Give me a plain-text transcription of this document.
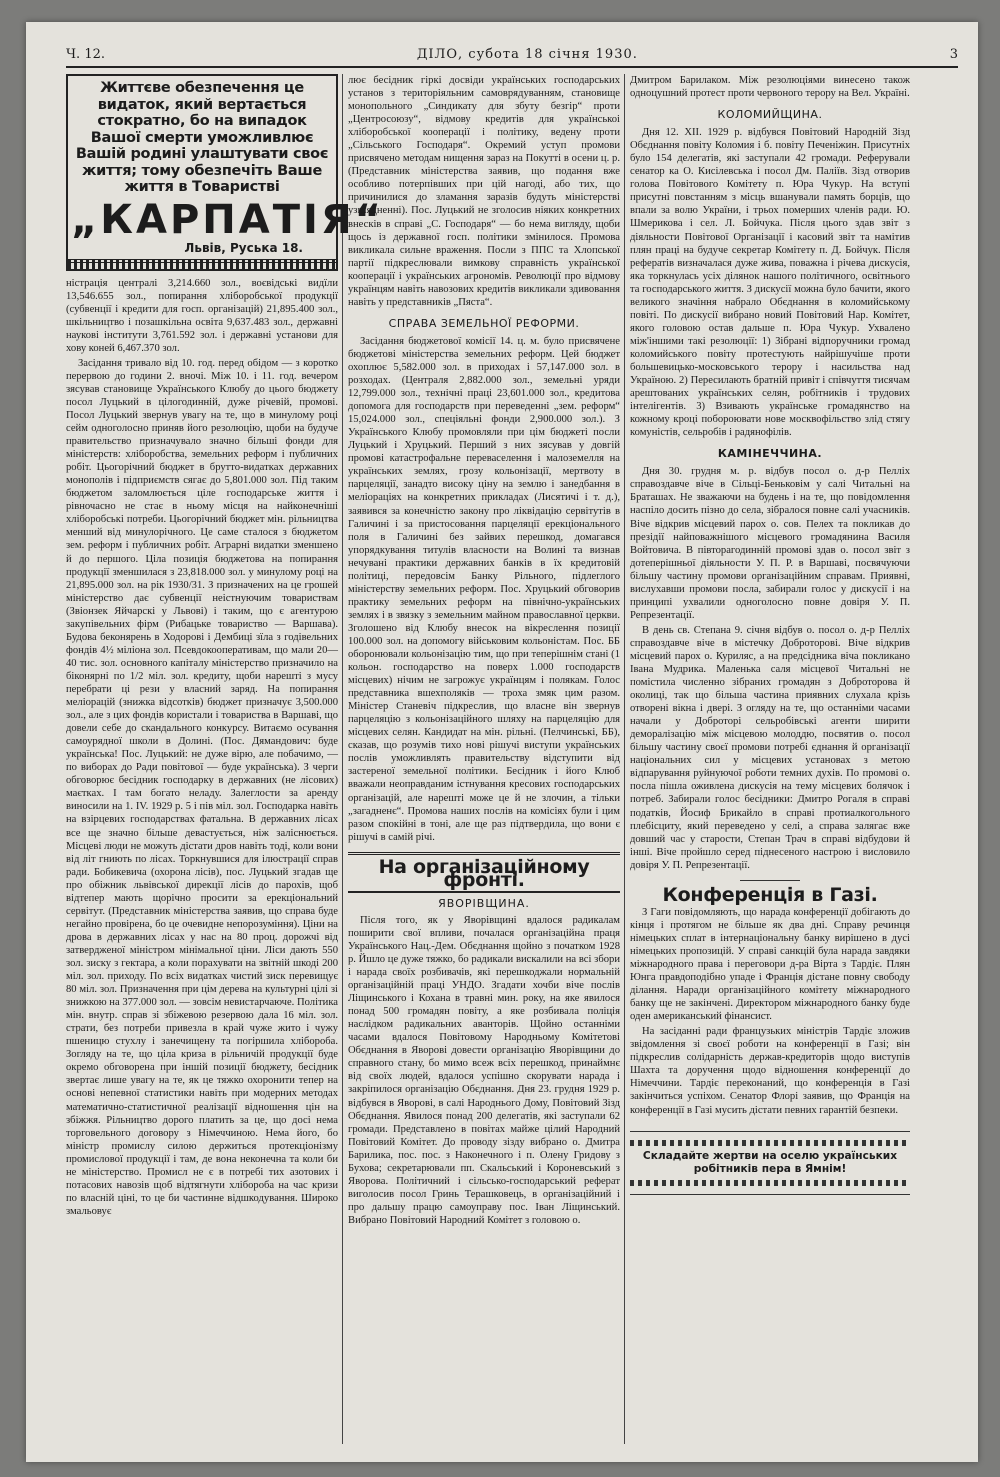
Ч. 12.	ДІЛО, субота 18 січня 1930.	3
Життєве обезпечення це видаток, який вертається стократно, бо на випадок Вашої смерти уможливлює Вашій родині улаштувати своє життя; тому обезпечіть Ваше життя в Товаристві
„КАРПАТІЯ“
Львів, Руська 18.

ністрація централі 3,214.660 зол., воєвідські видїли 13,546.655 зол., попирання хліборобської продукції (субвенції і кредити для госп. організацій) 21,895.400 зол., шкільництво і позашкільна освіта 9,637.483 зол., державні наукові інститути 3,761.592 зол. і державні установи для хову коней 6,467.370 зол.

Засідання тривало від 10. год. перед обідом — з коротко перервою до години 2. вночі. Між 10. і 11. год. вечером зясував становище Українського Клюбу до цього бюджету посол Луцький в цілогодинній, дуже річевій, промові. Посол Луцький звернув увагу на те, що в минулому році сейм одноголосно приняв його резолюцію, щоби на будуче правительство призначувало значно більші фонди для міністерств: хліборобства, земельних реформ і публичних робіт. Цьогорічний бюджет в брутто-видатках державних монополів і підприємств сягає до 5,801.000 зол. Під таким бюджетом заломлюється ціле господарське життя і рівночасно не стає в ньому місця на найконечніші хліборобські потреби. Цьогорічний бюджет мін. рільництва менший від минулорічного. Це саме сталося з бюджетом зем. реформ і публичних робіт. Аграрні видатки зменшено й до першого. Ціла позиція бюджетова на попирання продукції зменшилася з 23,818.000 зол. у минулому році на 21,895.000 зол. на рік 1930/31. З призначених на це грошей міністерство дає субвенції неістнуючим товариствам (Звіонзек Яйчарскі у Львові) і таким, що є агентурою закупівельних фірм (Рибацьке товариство — Варшава). Будова беконярень в Ходорові і Дембиці зїла з годівельних фондів 4½ міліона зол. Псевдокооперативам, що мали 20—40 тис. зол. основного капіталу міністерство призначило на біконярні по 1/2 міл. зол. кредиту, щоби нарешті з мусу перебрати ці рези у власний заряд. На попирання меліорацій (знижка відсотків) бюджет призначує 3,500.000 зол., але з цих фондів користали і товариства в Варшаві, що довели себе до скандального конкурсу. Витаємо осування самоурядної школи в Долині. (Пос. Дямандович: буде українська! Пос. Луцький: не дуже вірю, але побачимо, — по виборах до Ради повітової — буде українська). З черги обговорює бесідник господарку в державних (не лісових) маєтках. І там богато неладу. Залеглости за аренду виносили на 1. IV. 1929 р. 5 і пів міл. зол. Господарка навіть на взірцевих господарствах фатальна. В державних лісах все ще значно більше девастується, ніж заліснюється. Місцеві люди не можуть дістати дров навіть тоді, коли вони від літ гниють по лісах. Торкнувшися для ілюстрації справ ради. Бобикевича (охорона лісів), пос. Луцький згадав ще про обіжник львівської дирекції лісів до парохів, щоб відтепер мають щорічно просити за ерекціональний сервітут. (Представник міністерства заявив, що справа буде негайно провірена, бо це очевидне непорозуміння). Ціни на дрова в державних лісах у нас на 80 проц. дорожчі від затвердженої міністром мінімальної ціни. Ліси дають 550 зол. зиску з гектара, а коли порахувати на звітній шкоді 200 міл. зол. приходу. По всіх видатках чистий зиск перевищує 80 міл. зол. Призначення при цім дерева на культурні цілі зі знижкою на 377.000 зол. — зовсім невистарчаюче. Політика мін. внутр. справ зі збіжевою резервою дала 16 міл. зол. страти, без потреби привезла в край чуже жито і чужу пшеницю стухлу і занечищену та погіршила хлібороба. Зогляду на те, що ціла криза в рільничій продукції буде окремо обговорена при іншій позиції бюджету, бесідник звертає лише увагу на те, як це тяжко охоронити тепер на основі непевної статистики навіть при модерних методах математично-статистичної реалізації відношення цін на збіжжя. Рільництво дорого платить за це, що досі нема торговельного договору з Німеччиною. Нема його, бо міністр промислу силою держиться протекціонізму промислової продукції і там, де вона неконечна та коли би не міністерство. Промисл не є в потребі тих азотових і потасових навозів щоб відтягнути хлібороба на час кризи по власній ціні, то це би частинне відшкодування. Широко змальовує

лює бесідник гіркі досвіди українських господарських установ з територіяльним самоврядуванням, становище монопольного „Синдикату для збуту безгір“ проти „Центросоюзу“, відмову кредитів для українськоі хліборобської кооперації і політику, ведену проти „Сільського Господаря“. Окремий уступ промови присвячено методам нищення зараз на Покутті в осени ц. р. (Представник міністерства заявив, що подання вже особливо потерпівших при цій нагоді, або тих, що причинилися до зламання заразів будуть міністерстві узглядненні). Пос. Луцький не зголосив ніяких конкретних внесків в справі „С. Господаря“ — бо нема вигляду, щоби щось із державної госп. політики змінилося. Промова викликала сильне враження. Посли з ППС та Хлопської партії підкреслювали вимкову справність української кооперації і українських агрономів. Революції про відмову українцям навіть навозових кредитів викликали здивовання навіть у представників „Пяста“.

СПРАВА ЗЕМЕЛЬНОЇ РЕФОРМИ.

Засідання бюджетової комісії 14. ц. м. було присвячене бюджетові міністерства земельних реформ. Цей бюджет охоплює 5,582.000 зол. в приходах і 57,147.000 зол. в розходах. (Централя 2,882.000 зол., земельні уряди 12,799.000 зол., технічні праці 23,601.000 зол., кредитова допомога для господарств при переведенні „зем. реформ“ 15,024.000 зол., спеціяльні фонди 2,900.000 зол.). З Українського Клюбу промовляли при цім бюджеті посли Луцький і Хруцький. Перший з них зясував у довгій промові катастрофальне переваселення і малоземелля на українських землях, грозу кольонізації, мертвоту в парцеляції, занадто високу ціну на землю і занедбання в меліораціях на конкретних прикладах (Лисятичі і т. д.), заявився за конечністю закону про ліквідацію сервітутів в Галичині і за пристосовання парцеляції ерекціонального поля в Галичині без зайвих перешкод, домагався упорядкування титулів власности на Волині та визнав нечувані практики державних банків в їх кредитовій політиці, передовсім Банку Рільного, підлеглого міністерству земельних реформ. Пос. Хруцький обговорив практику земельних реформ на північно-українських землях і в звязку з земельним майном православної церкви. Зголошено від Клюбу внесок на вікреслення позиції 100.000 зол. на допомогу військовим кольоністам. Пос. ББ оборонювали кольонізацію тим, що при теперішнім стані (1 кольон. господарство на поверх 1.000 господарств місцевих) нічим не загрожує українцям і полякам. Голос представника вшехполяків — троха змяк цим разом. Міністер Станевіч підкреслив, що власне він звернув парцеляцію з кольонізаційного шляху на парцеляцію для місцевих селян. Кандидат на мін. рільні. (Пелчинські, ББ), сказав, що розумів тихо нові рішучі виступи українських послів уможливлять правительству відступити від застереної земельної політики. Бесідник і його Клюб вважали неоправданим істнування кресових господарських організацій, але нарешті може це й не злочин, а тільки „загадненє“. Промова наших послів на комісіях були і цим разом спокійні в тоні, але ще раз підтвердила, що вони є рішучі в самій річі.

На організаційному фронті.
ЯВОРІВЩИНА.

Після того, як у Яворівщині вдалося радикалам поширити свої впливи, почалася організаційна праця Українського Нац.-Дем. Обєднання щойно з початком 1928 р. Йшло це дуже тяжко, бо радикали вискалили на всі збори і нарада своїх розбивачів, які перешкоджали нормальній організаційній праці УНДО. Згадати хочби віче послів Ліщинського і Кохана в травні мин. року, на яке явилося понад 500 громадян повіту, а яке розбивала поліція наслідком радикальних аванторів. Щойно останніми часами вдалося Повітовому Народньому Комітетові Обєднання в Яворові довести організацію Яворівщини до справного стану, бо мимо всеж всіх перешкод, принаймнє від своїх людей, вдалося успішно скорувати нарада і закріпилося організацію Обєднання. Дня 23. грудня 1929 р. відбувся в Яворові, в салі Народнього Дому, Повітовий Зізд Обєднання. Явилося понад 200 делегатів, які заступали 62 громади. Представлено в повітах майже цілий Народний Повітовий Комітет. До проводу зізду вибрано о. Дмитра Барилика, пос. пос. з Наконечного і п. Олену Гридову з Бухова; секретарювали пп. Скальський і Короневський з Яворова. Політичний і сільсько-господарський реферат виголосив посол Гринь Терашковець, в організаційний і про дальшу працю самоуправу пос. Іван Ліщинський. Вибрано Повітовий Народний Комітет з головою о.

Дмитром Барилаком. Між резолюціями винесено також одноцушний протест проти червоного терору на Вел. Україні.

КОЛОМИЙЩИНА.

Дня 12. XII. 1929 р. відбувся Повітовий Народній Зізд Обєднання повіту Коломия і б. повіту Печеніжин. Присутніх було 154 делегатів, які заступали 42 громади. Реферували сенатор ка О. Кисілевська і посол Дм. Паліїв. Зізд отворив голова Повітового Комітету п. Юра Чукур. На вступі присутні повстанням з місць вшанували память борців, що впали за волю України, і трьох померших членів ради. Ю. Шмерикова і сел. Л. Бойчука. Після цього здав звіт з діяльности Повітової Організації і касовий звіт та намітив плян праці на будуче секретар Комітету п. Д. Бойчук. Після рефератів визначалася дуже жива, поважна і річева дискусія, яка торкнулась усіх ділянок нашого політичного, освітнього та господарського життя. З дискусії можна було бачити, якого великого значіння набрало Обєднання в коломийському повіті. По дискусії вибрано новий Повітовий Нар. Комітет, якого головою остав дальше п. Юра Чукур. Ухвалено між'іншими такі резолюції: 1) Зібрані відпоручники громад коломийського повіту протестують найрішучіше проти большевицько-московського терору і насильства над Україною. 2) Пересилають братній привіт і співчуття тисячам арештованих українських селян, робітників і трудових інтелігентів. 3) Взивають українське громадянство на кожному кроці побороювати нове москвофільство злід стягу комуністів, сельробів і радянофілів.

КАМІНЕЧЧИНА.

Дня 30. грудня м. р. відбув посол о. д-р Пелліх справоздавче віче в Сільці-Беньковім у салі Читальні на Браташах. Не зважаючи на будень і на те, що повідомлення наспіло досить пізно до села, зібралося повне салі учасників. Віче відкрив місцевий парох о. сов. Пелех та покликав до презідії найповажнішого місцевого громадянина Василя Войтовича. В півторагодинній промові здав о. посол звіт з дотеперішньої діяльности У. П. Р. в Варшаві, посвячуючи більшу частину промови організаційним справам. Приявні, вислухавши промови посла, забирали голос у дискусії і на принципі ухвалили одноголосно повне довіря У. П. Репрезентації.

В день св. Степана 9. січня відбув о. посол о. д-р Пелліх справоздавче віче в містечку Доброторові. Віче відкрив місцевий парох о. Куриляс, а на предсідника віча покликано Івана Мудрика. Маленька саля місцевої Читальні не помістила численно зібраних громадян з Доброторова й околиці, так що більша частина приявних слухала крізь отворені вікна і двері. З огляду на те, що останніми часами начали у Доброторі сельробівські агенти ширити деморалізацію між місцевою молоддю, посвятив о. посол більшу частину своєї промови потребі єднання й організації національних сил у місцевих установах з метою відпарування руйнуючої роботи темних духів. По промові о. посла пішла оживлена дискусія на тему місцевих болячок і потреб. Забирали голос бесідники: Дмитро Рогаля в справі податків, Йосиф Брикайло в справі протиалкогольного плебісциту, який переведено у селі, а справа залягає вже довший час у старости, Степан Трач в справі відбудови й інші. Віче пройшло серед піднесеного настрою і висловило довіря У. П. Репрезентації.

Конференція в Газі.

З Гаги повідомляють, що нарада конференції добігають до кінця і протягом не більше як два дні. Справу речинця німецьких сплат в інтернаціональну банку вирішено в дусі німецьких пропозицій. У справі санкцій була нарада завдяки міжнародного права і переговори д-ра Вірта з Тардіє. Плян Юнга правдоподібно упаде і Франція дістане повну свободу ділання. Наради організаційного комітету міжнародного банку ще не закінчені. Директором міжнародного банку буде оден американський фінансист.

На засіданні ради французьких міністрів Тардіє зложив звідомлення зі своєї роботи на конференції в Газі; він підкреслив солідарність держав-кредиторів щодо виступів Шахта та доручення щодо відношення конференції до Німеччини. Тардіє переконаний, що конференція в Газі закінчиться успіхом. Сенатор Флорі заявив, що Франція на конференції в Газі мусить дістати певних гарантій безпеки.

Складайте жертви на оселю українських робітників пера в Ямнім!
